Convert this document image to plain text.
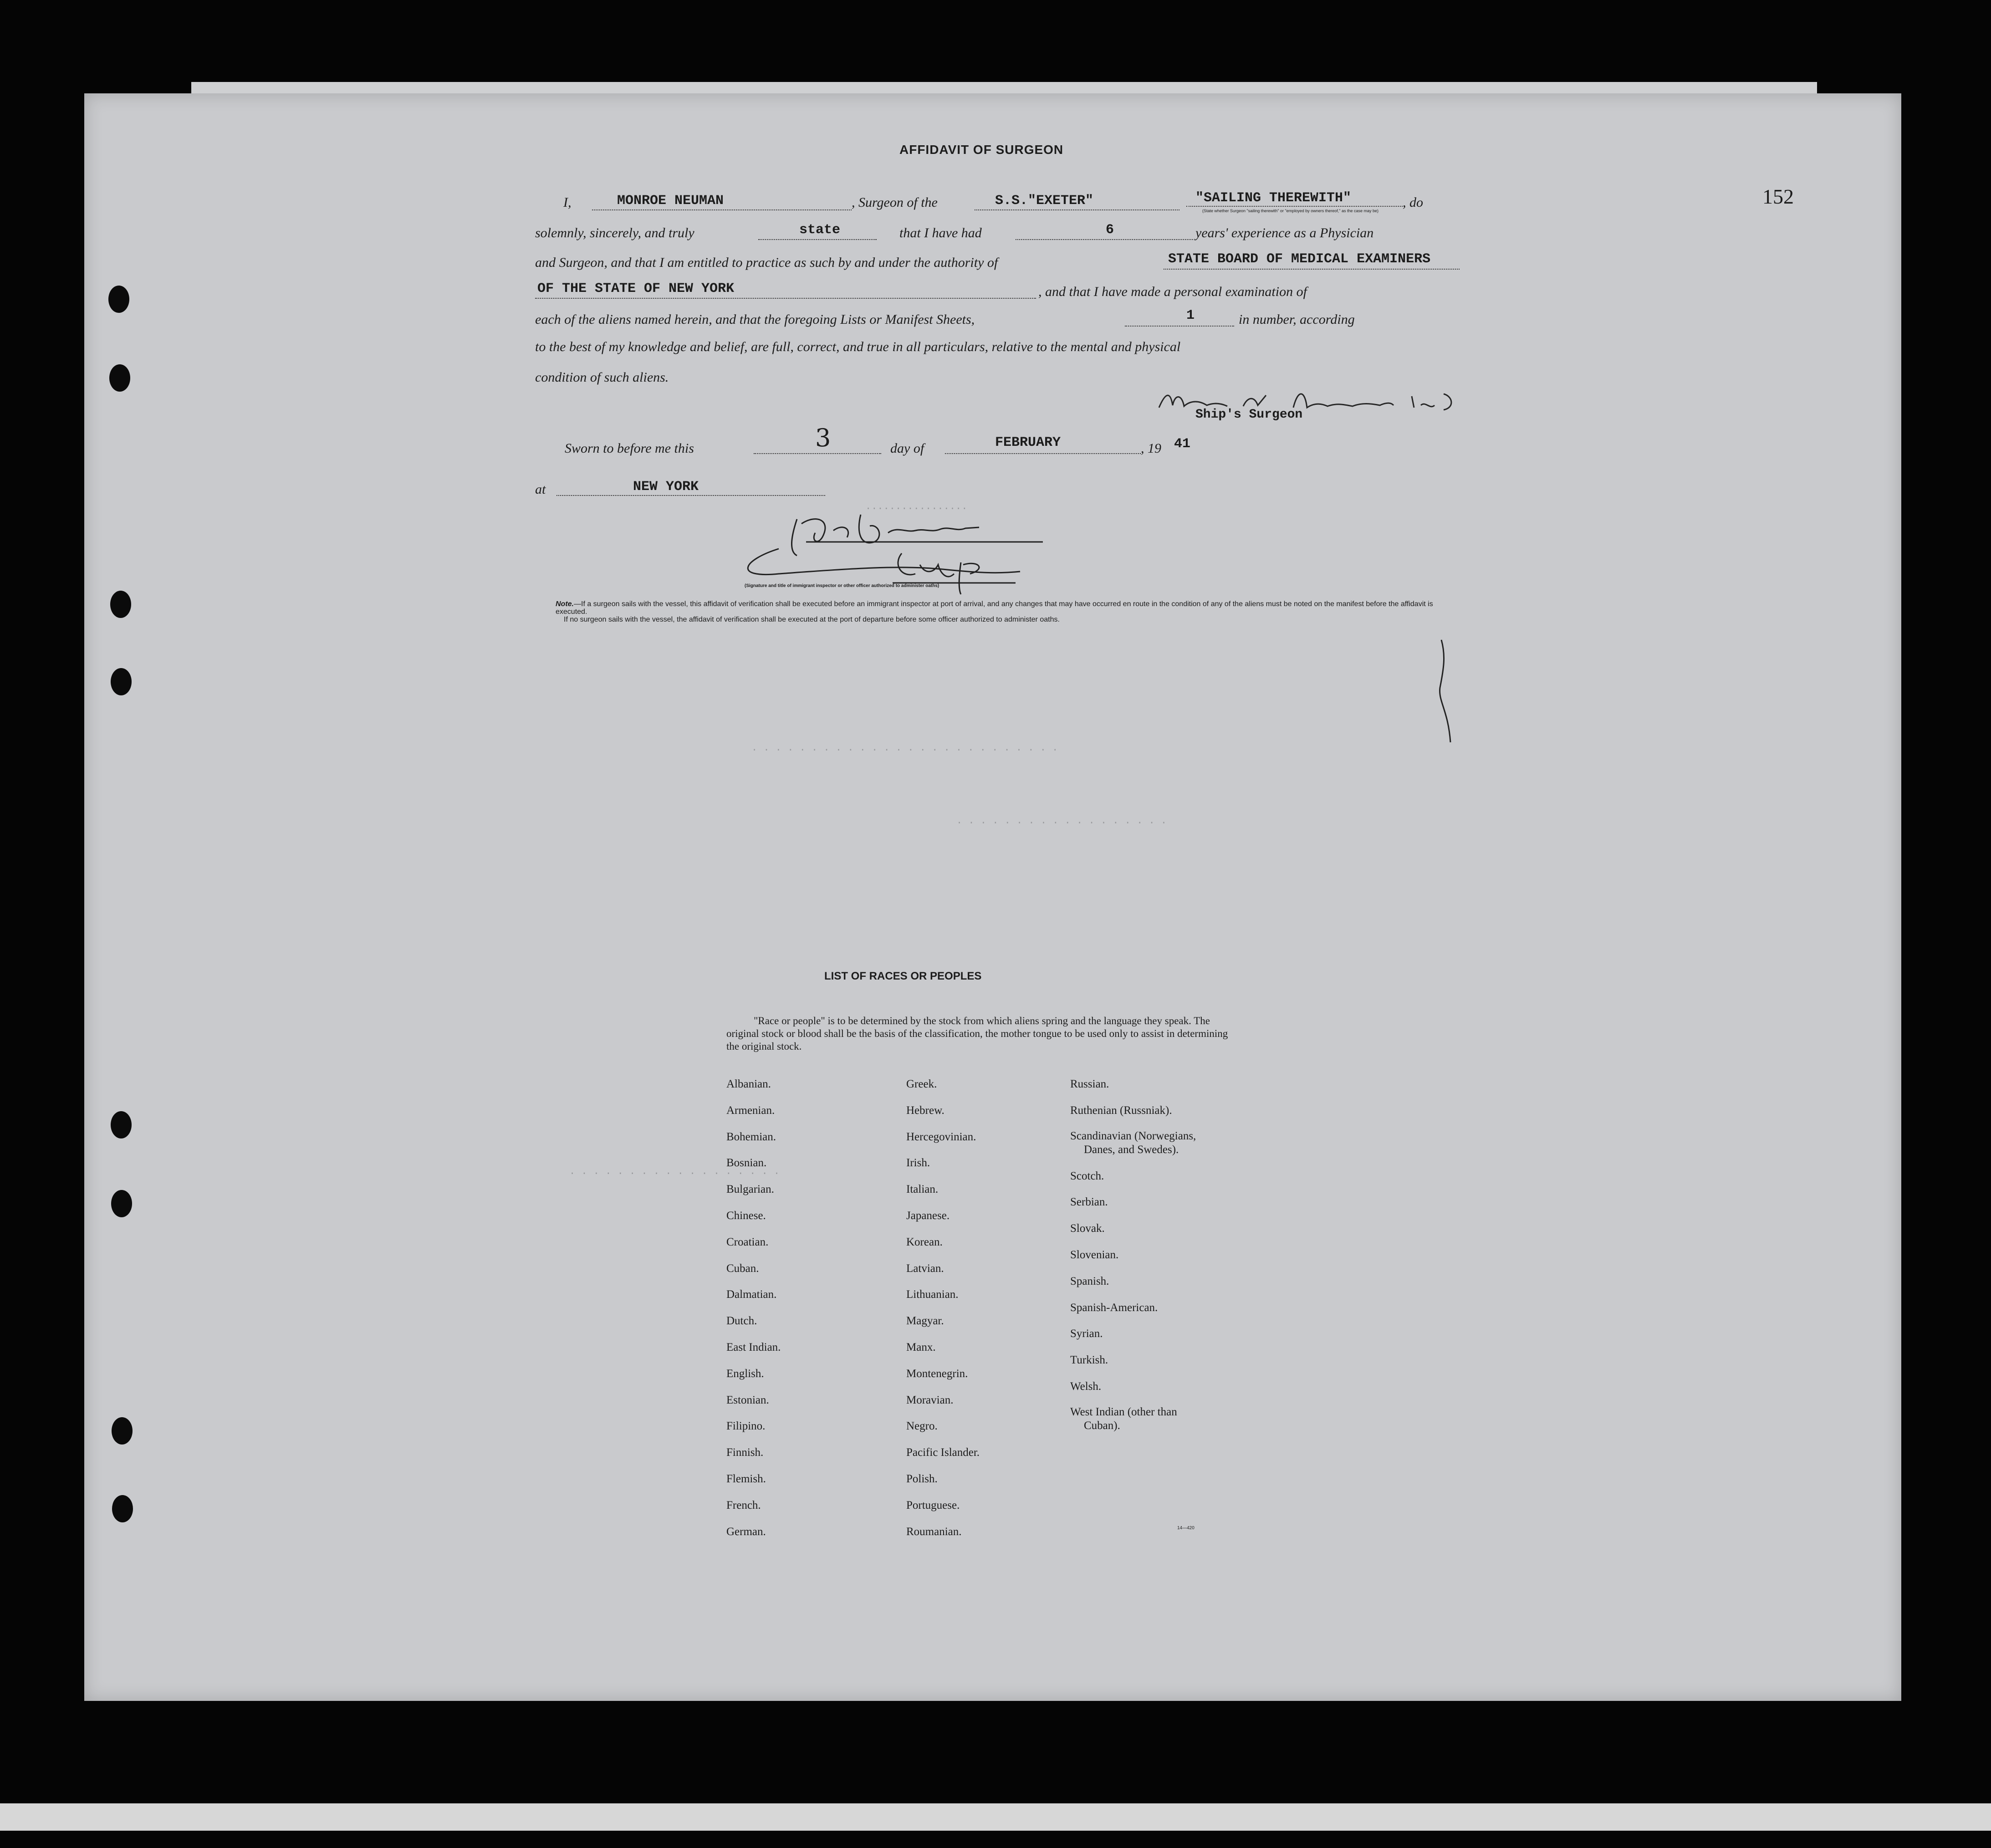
.................
. . . . . . . . . . . . . . . . . . . . . . . . . .
. . . . . . . . . . . . . . . . . .
. . . . . . . . . . . . . . . . . .
152
AFFIDAVIT OF SURGEON
I,	MONROE NEUMAN	, Surgeon of the	S.S."EXETER"	"SAILING THEREWITH"	, do
(State whether Surgeon "sailing therewith" or "employed by owners thereof," as the case may be)
solemnly, sincerely, and truly	state	that I have had	6	years' experience as a Physician
and Surgeon, and that I am entitled to practice as such by and under the authority of	STATE BOARD OF MEDICAL EXAMINERS
OF THE STATE OF NEW YORK	, and that I have made a personal examination of
each of the aliens named herein, and that the foregoing Lists or Manifest Sheets,	1	in number, according
to the best of my knowledge and belief, are full, correct, and true in all particulars, relative to the mental and physical
condition of such aliens.
Ship's Surgeon
Sworn to before me this	3	day of	FEBRUARY	, 19 41
at	NEW YORK
(Signature and title of immigrant inspector or other officer authorized to administer oaths)
Note.—If a surgeon sails with the vessel, this affidavit of verification shall be executed before an immigrant inspector at port of arrival, and any changes that may have occurred en route in the condition of any of the aliens must be noted on the manifest before the affidavit is executed.
If no surgeon sails with the vessel, the affidavit of verification shall be executed at the port of departure before some officer authorized to administer oaths.
LIST OF RACES OR PEOPLES
"Race or people" is to be determined by the stock from which aliens spring and the language they speak. The original stock or blood shall be the basis of the classification, the mother tongue to be used only to assist in determining the original stock.
Albanian.
Armenian.
Bohemian.
Bosnian.
Bulgarian.
Chinese.
Croatian.
Cuban.
Dalmatian.
Dutch.
East Indian.
English.
Estonian.
Filipino.
Finnish.
Flemish.
French.
German.
Greek.
Hebrew.
Hercegovinian.
Irish.
Italian.
Japanese.
Korean.
Latvian.
Lithuanian.
Magyar.
Manx.
Montenegrin.
Moravian.
Negro.
Pacific Islander.
Polish.
Portuguese.
Roumanian.
Russian.
Ruthenian (Russniak).
Scandinavian (Norwegians,
Danes, and Swedes).
Scotch.
Serbian.
Slovak.
Slovenian.
Spanish.
Spanish-American.
Syrian.
Turkish.
Welsh.
West Indian (other than
Cuban).
14—420
